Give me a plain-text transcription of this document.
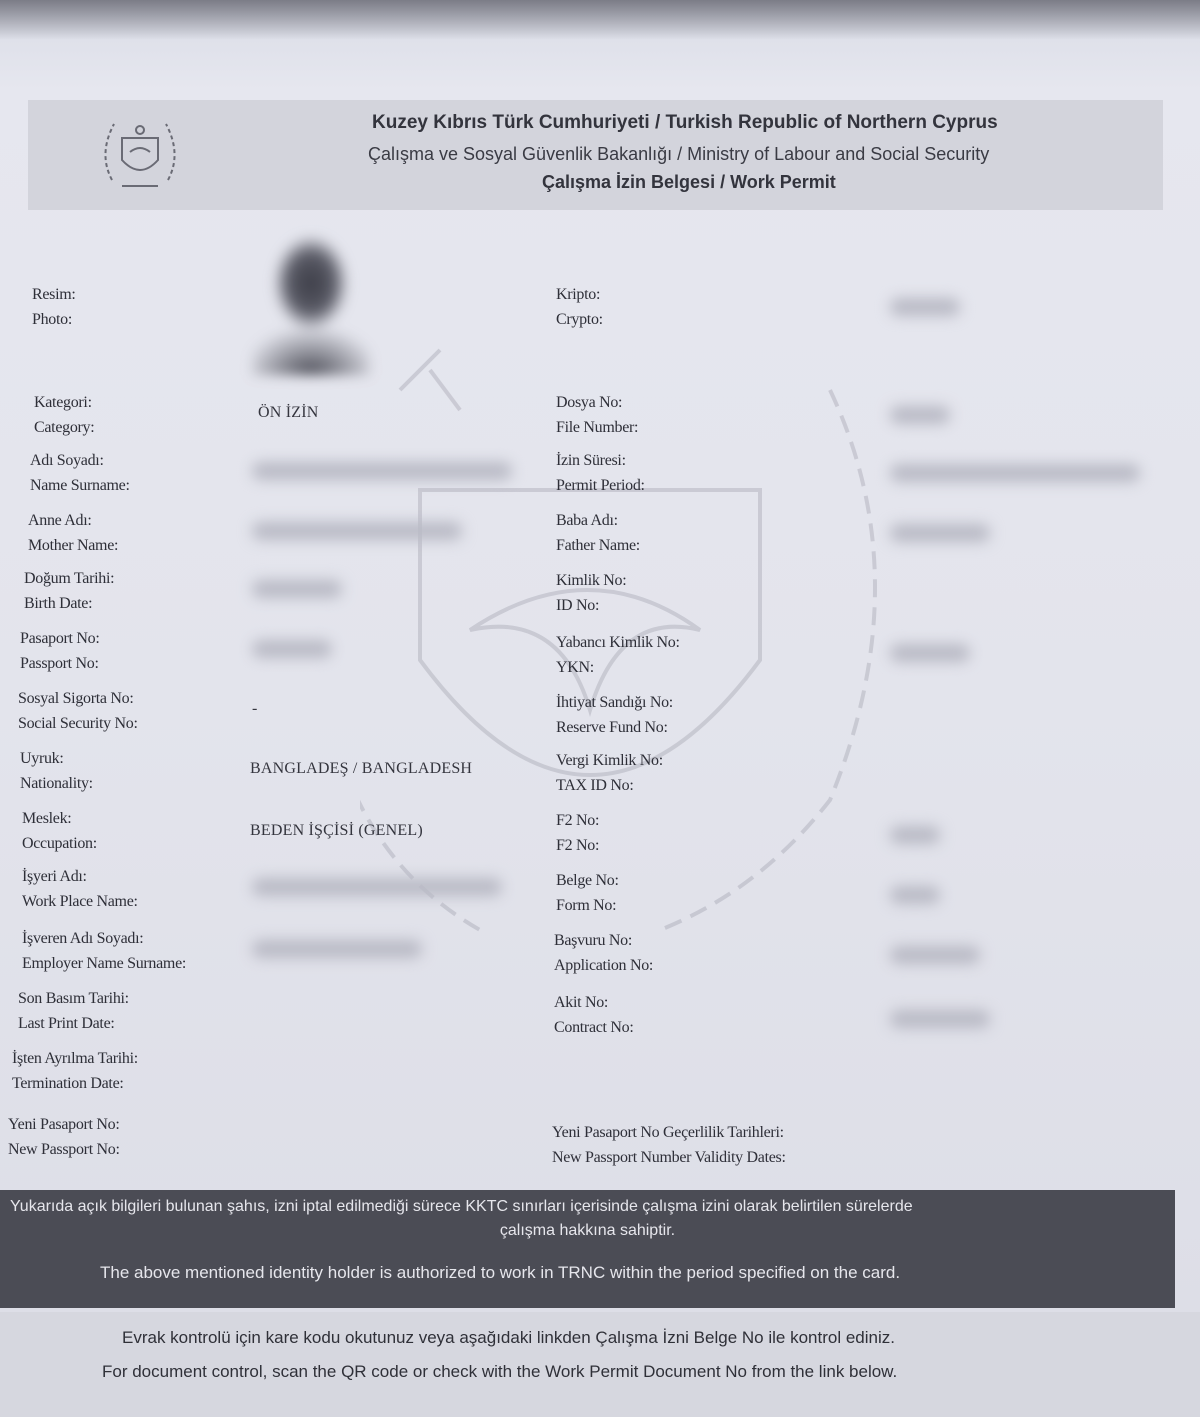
Kuzey Kıbrıs Türk Cumhuriyeti / Turkish Republic of Northern Cyprus
Çalışma ve Sosyal Güvenlik Bakanlığı / Ministry of Labour and Social Security
Çalışma İzin Belgesi / Work Permit
Resim:
Photo:
Kategori:
Category:
ÖN İZİN
Adı Soyadı:
Name Surname:
Anne Adı:
Mother Name:
Doğum Tarihi:
Birth Date:
Pasaport No:
Passport No:
Sosyal Sigorta No:
Social Security No:
-
Uyruk:
Nationality:
BANGLADEŞ / BANGLADESH
Meslek:
Occupation:
BEDEN İŞÇİSİ (GENEL)
İşyeri Adı:
Work Place Name:
İşveren Adı Soyadı:
Employer Name Surname:
Son Basım Tarihi:
Last Print Date:
İşten Ayrılma Tarihi:
Termination Date:
Yeni Pasaport No:
New Passport No:
Kripto:
Crypto:
Dosya No:
File Number:
İzin Süresi:
Permit Period:
Baba Adı:
Father Name:
Kimlik No:
ID No:
Yabancı Kimlik No:
YKN:
İhtiyat Sandığı No:
Reserve Fund No:
Vergi Kimlik No:
TAX ID No:
F2 No:
F2 No:
Belge No:
Form No:
Başvuru No:
Application No:
Akit No:
Contract No:
Yeni Pasaport No Geçerlilik Tarihleri:
New Passport Number Validity Dates:
Yukarıda açık bilgileri bulunan şahıs, izni iptal edilmediği sürece KKTC sınırları içerisinde çalışma izini olarak belirtilen sürelerde
çalışma hakkına sahiptir.
The above mentioned identity holder is authorized to work in TRNC within the period specified on the card.
Evrak kontrolü için kare kodu okutunuz veya aşağıdaki linkden Çalışma İzni Belge No ile kontrol ediniz.
For document control, scan the QR code or check with the Work Permit Document No from the link below.
